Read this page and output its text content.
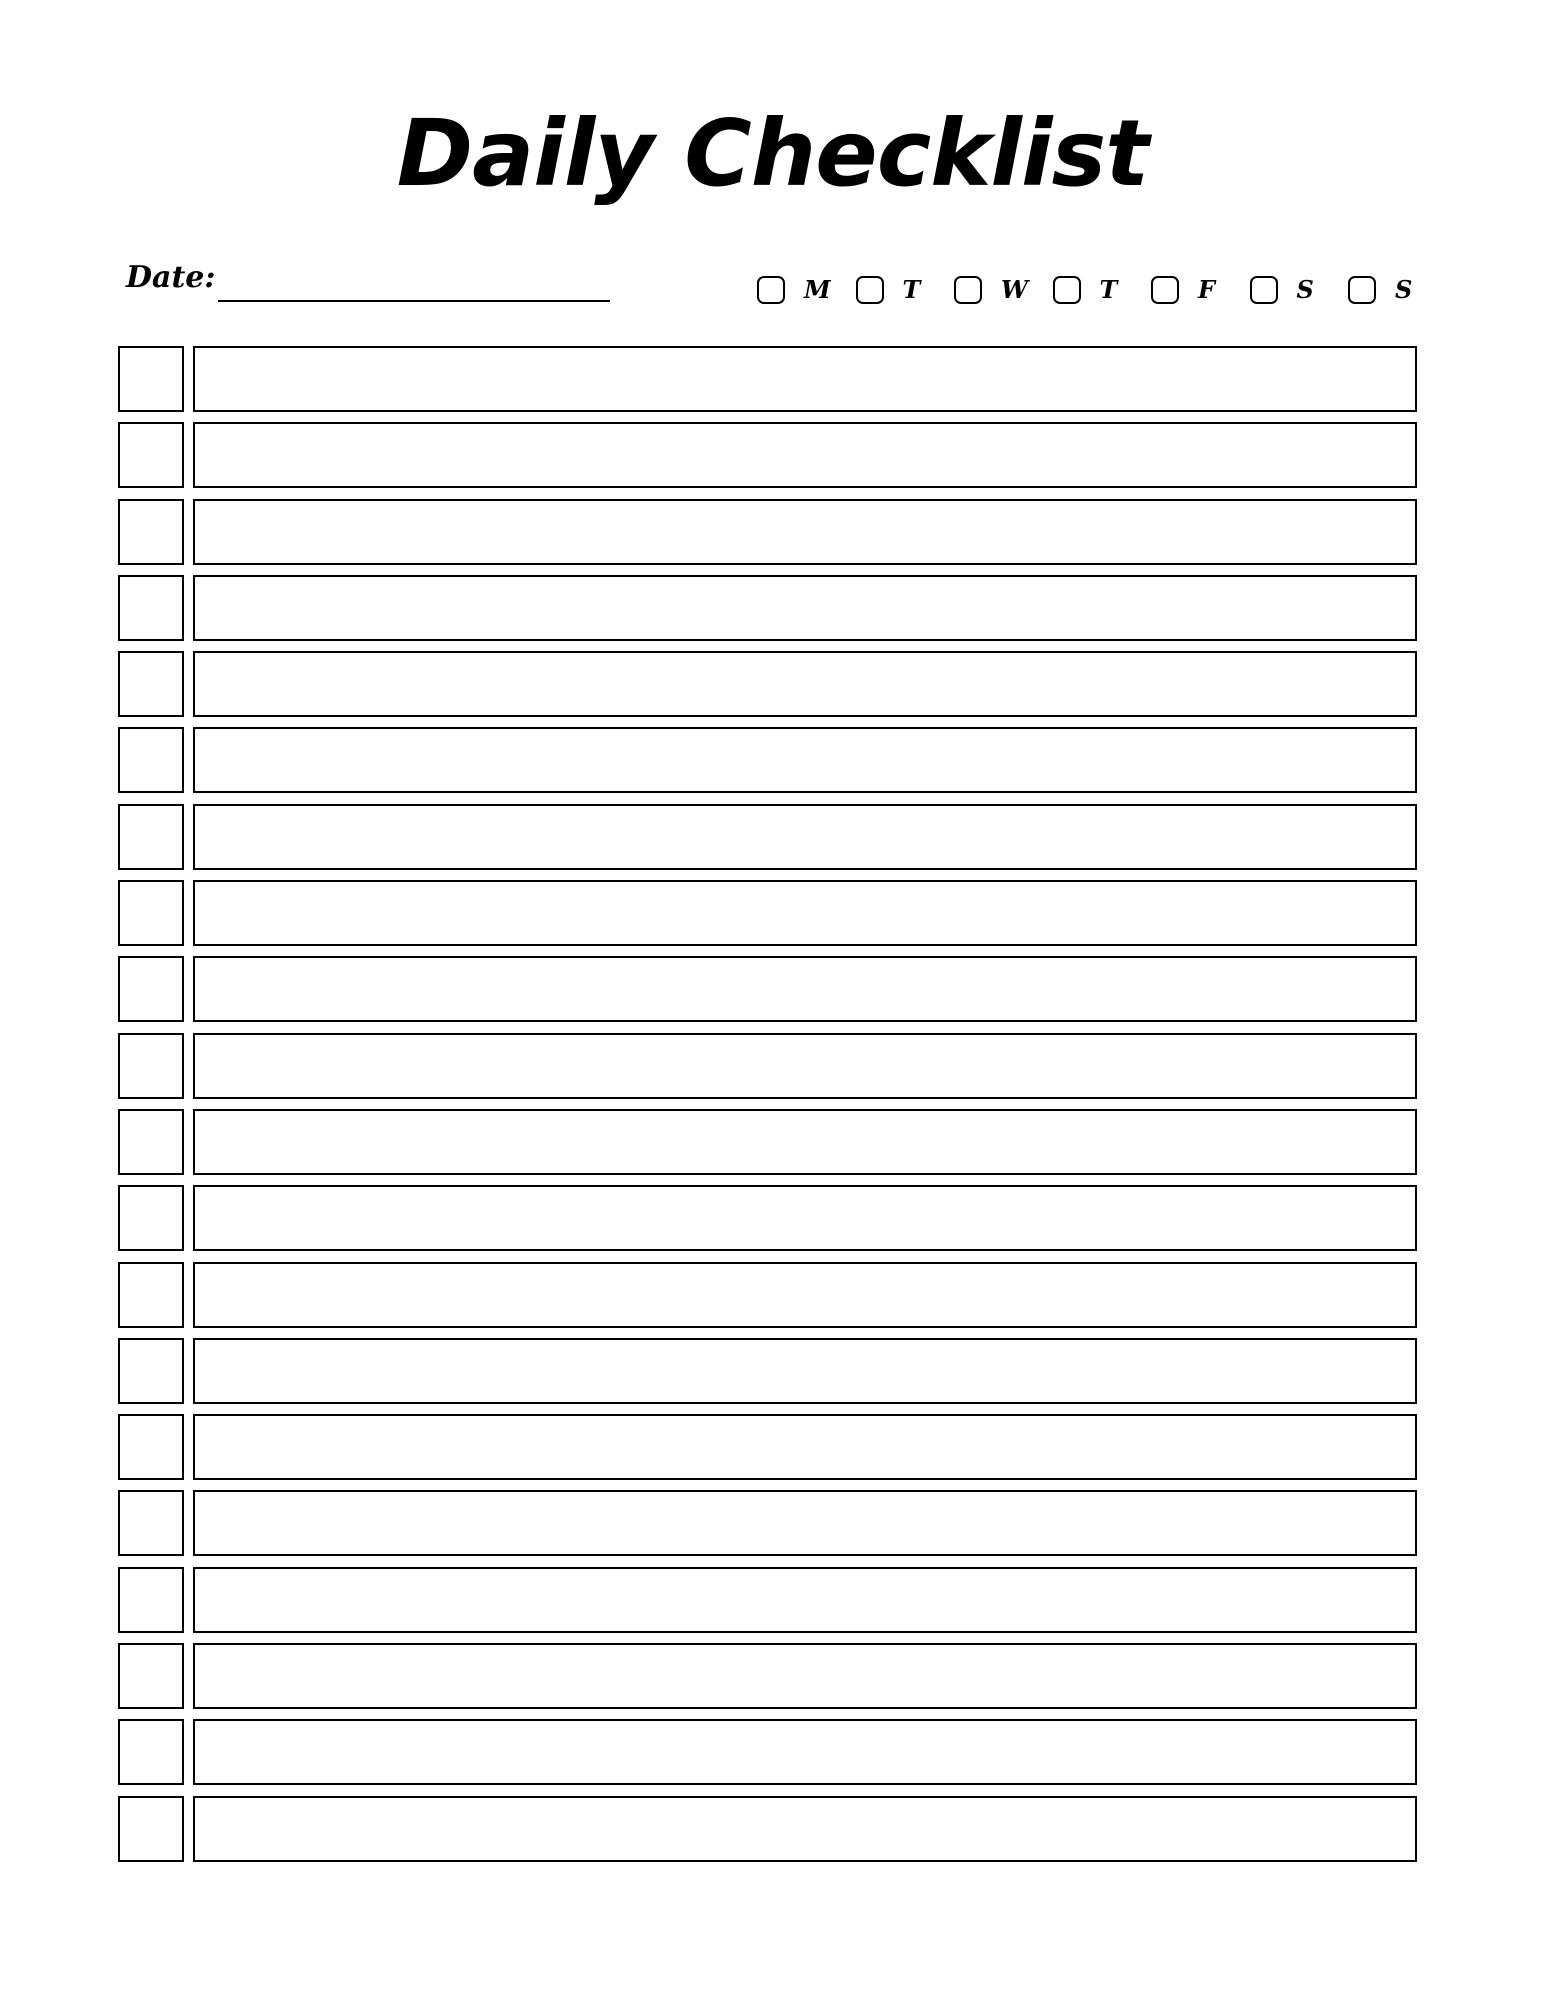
Daily Checklist
Date:	M	T	W	T	F	S	S
